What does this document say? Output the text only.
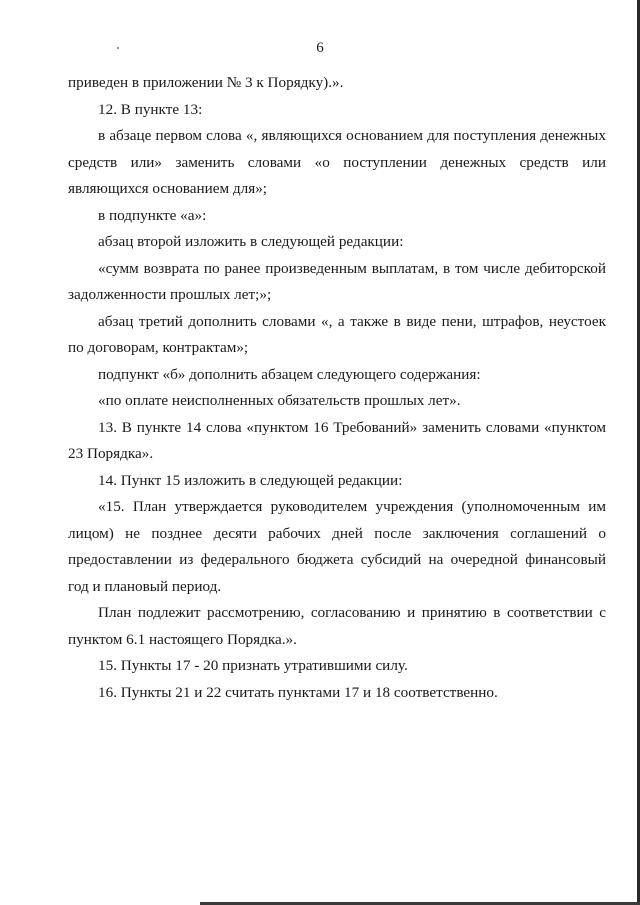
6

приведен в приложении № 3 к Порядку).».

12. В пункте 13:

в абзаце первом слова «, являющихся основанием для поступления денежных средств или» заменить словами «о поступлении денежных средств или являющихся основанием для»;

в подпункте «а»:

абзац второй изложить в следующей редакции:

«сумм возврата по ранее произведенным выплатам, в том числе дебиторской задолженности прошлых лет;»;

абзац третий дополнить словами «, а также в виде пени, штрафов, неустоек по договорам, контрактам»;

подпункт «б» дополнить абзацем следующего содержания:

«по оплате неисполненных обязательств прошлых лет».

13. В пункте 14 слова «пунктом 16 Требований» заменить словами «пунктом 23 Порядка».

14. Пункт 15 изложить в следующей редакции:

«15. План утверждается руководителем учреждения (уполномоченным им лицом) не позднее десяти рабочих дней после заключения соглашений о предоставлении из федерального бюджета субсидий на очередной финансовый год и плановый период.

План подлежит рассмотрению, согласованию и принятию в соответствии с пунктом 6.1 настоящего Порядка.».

15. Пункты 17 - 20 признать утратившими силу.

16. Пункты 21 и 22 считать пунктами 17 и 18 соответственно.
